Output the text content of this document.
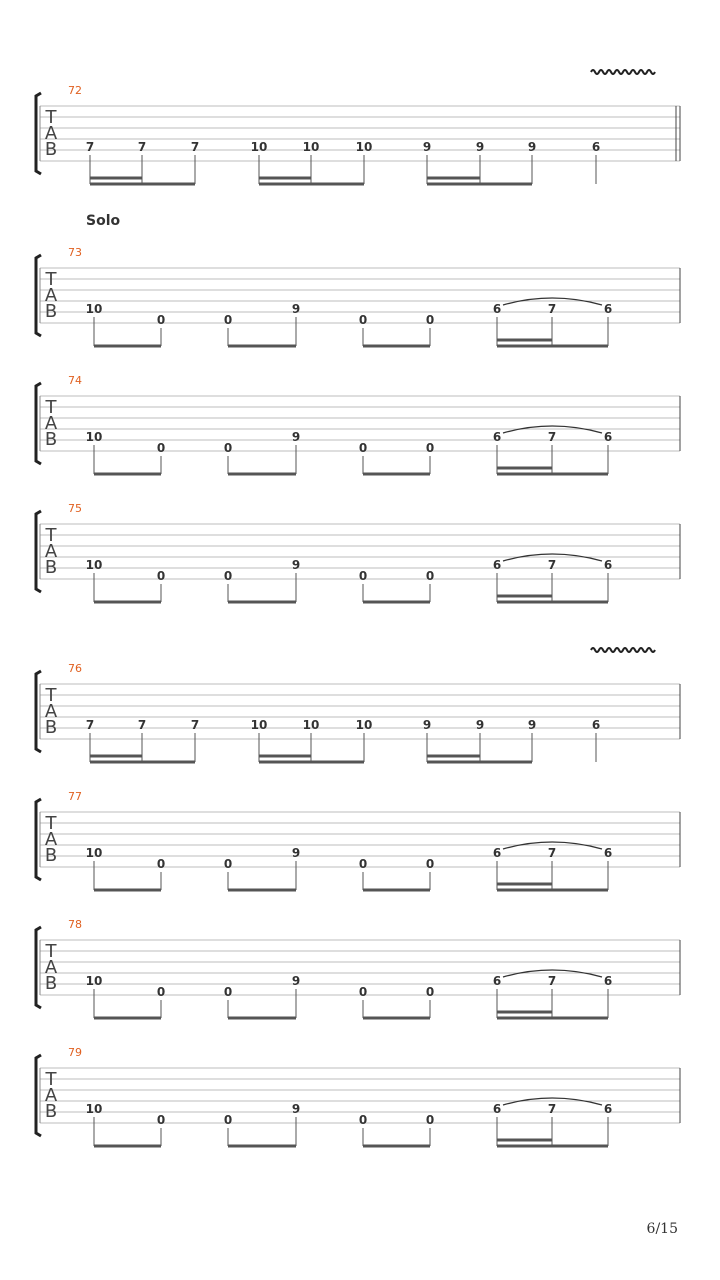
T
A
B
72
7	7	7	10	10	10	9	9	9	6
T
A
B
73
10
0	0
9
0	0
6	7	6
T
A
B
74
10
0	0
9
0	0
6	7	6
T
A
B
75
10
0	0
9
0	0
6	7	6
T
A
B
76
7	7	7	10	10	10	9	9	9	6
T
A
B
77
10
0	0
9
0	0
6	7	6
T
A
B
78
10
0	0
9
0	0
6	7	6
T
A
B
79
10
0	0
9
0	0
6	7	6
Solo
6/15
